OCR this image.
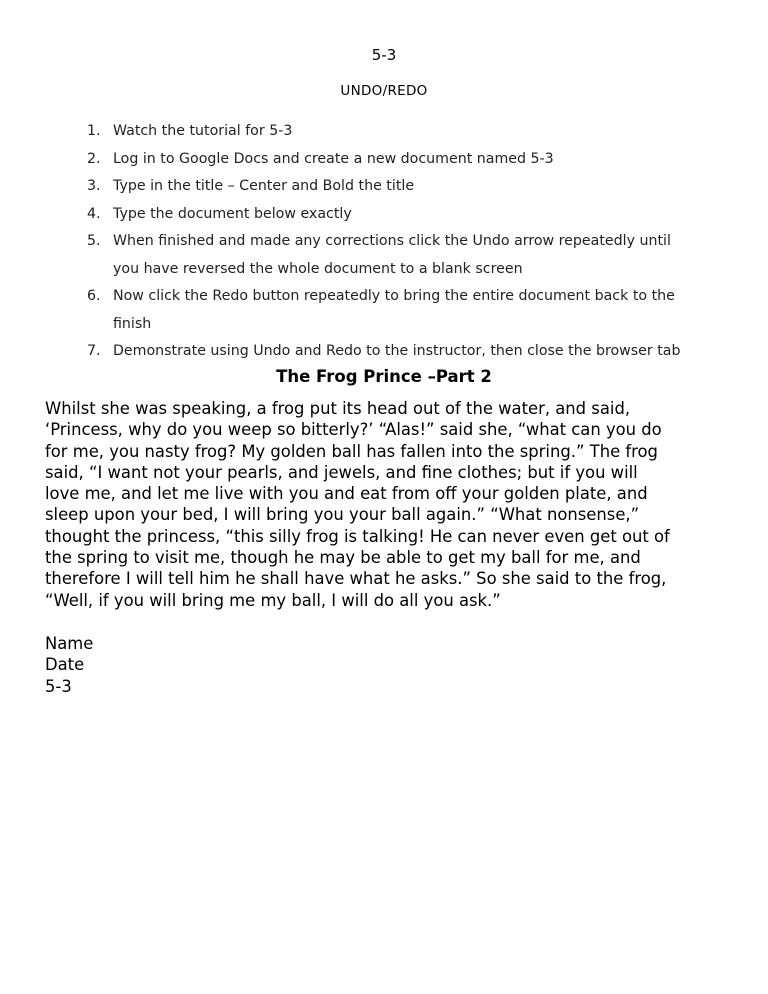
5-3
UNDO/REDO
1. Watch the tutorial for 5-3
2. Log in to Google Docs and create a new document named 5-3
3. Type in the title – Center and Bold the title
4. Type the document below exactly
5. When finished and made any corrections click the Undo arrow repeatedly until
you have reversed the whole document to a blank screen
6. Now click the Redo button repeatedly to bring the entire document back to the
finish
7. Demonstrate using Undo and Redo to the instructor, then close the browser tab
The Frog Prince –Part 2
Whilst she was speaking, a frog put its head out of the water, and said,
‘Princess, why do you weep so bitterly?’ “Alas!” said she, “what can you do
for me, you nasty frog? My golden ball has fallen into the spring.” The frog
said, “I want not your pearls, and jewels, and fine clothes; but if you will
love me, and let me live with you and eat from off your golden plate, and
sleep upon your bed, I will bring you your ball again.” “What nonsense,”
thought the princess, “this silly frog is talking! He can never even get out of
the spring to visit me, though he may be able to get my ball for me, and
therefore I will tell him he shall have what he asks.” So she said to the frog,
“Well, if you will bring me my ball, I will do all you ask.”
Name
Date
5-3
